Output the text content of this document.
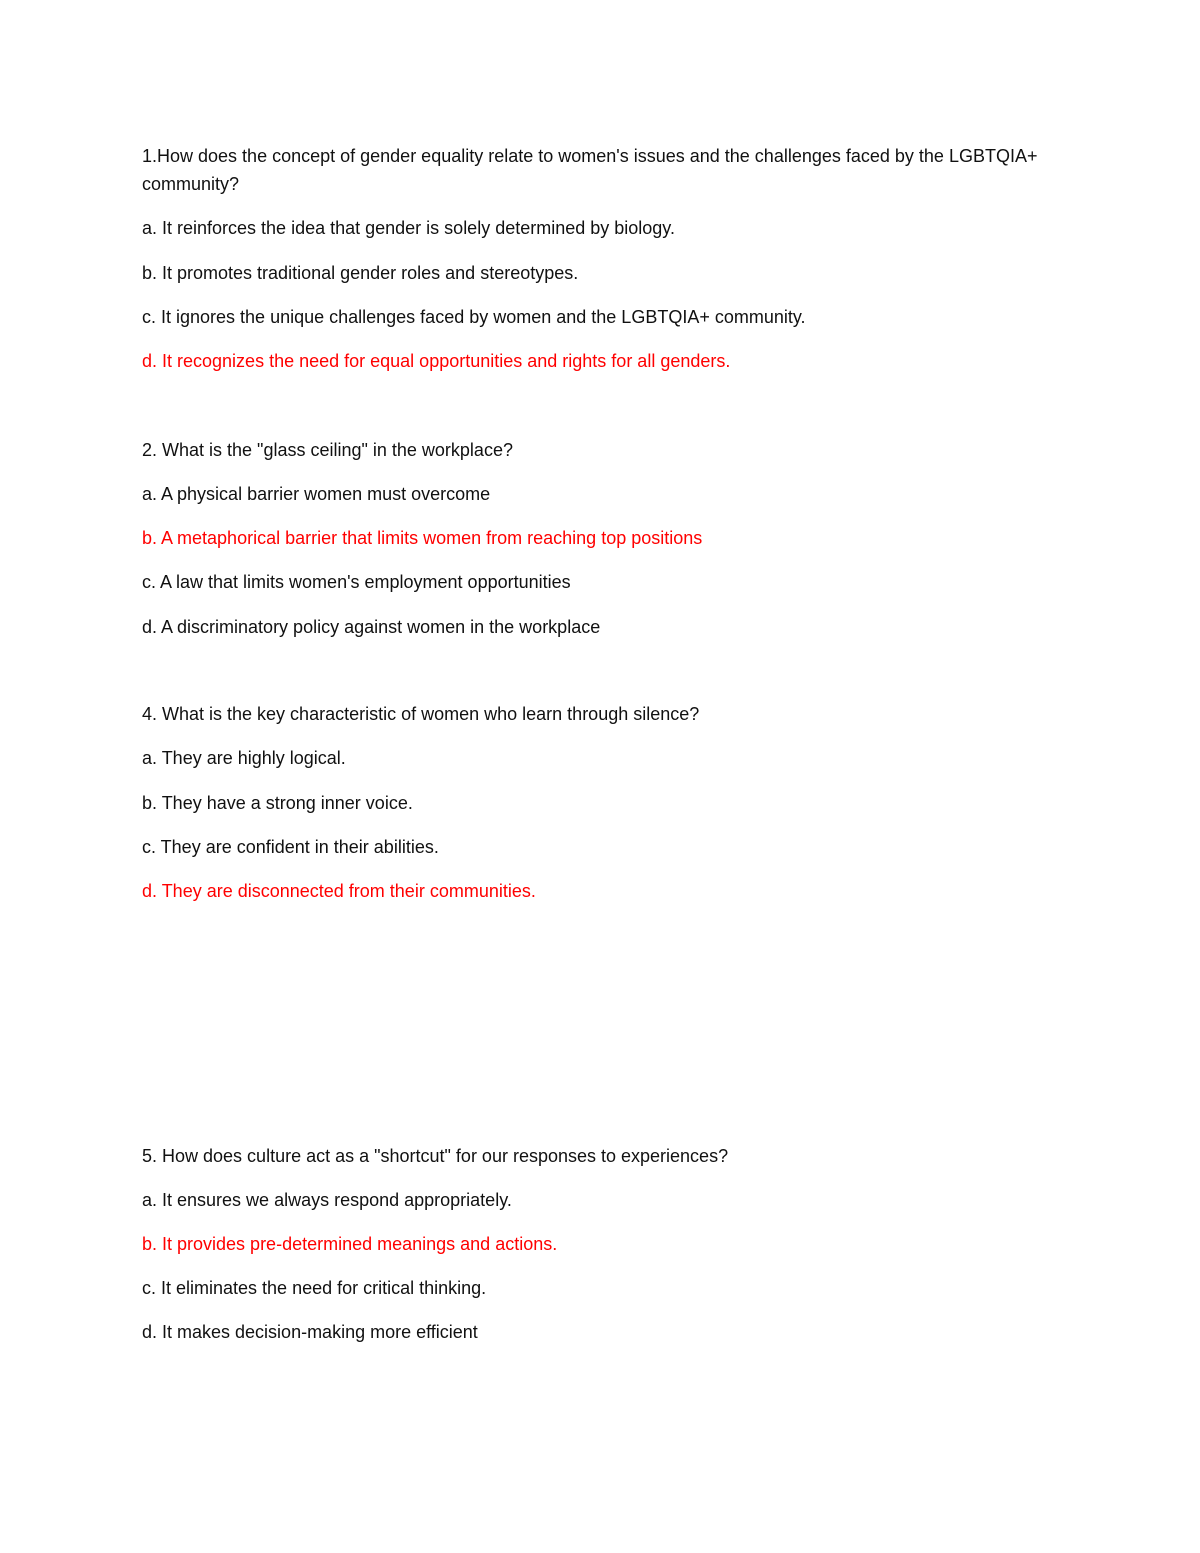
1.How does the concept of gender equality relate to women's issues and the challenges faced by the LGBTQIA+ community?
a. It reinforces the idea that gender is solely determined by biology.
b. It promotes traditional gender roles and stereotypes.
c. It ignores the unique challenges faced by women and the LGBTQIA+ community.
d. It recognizes the need for equal opportunities and rights for all genders.
2. What is the "glass ceiling" in the workplace?
a. A physical barrier women must overcome
b. A metaphorical barrier that limits women from reaching top positions
c. A law that limits women's employment opportunities
d. A discriminatory policy against women in the workplace
4. What is the key characteristic of women who learn through silence?
a. They are highly logical.
b. They have a strong inner voice.
c. They are confident in their abilities.
d. They are disconnected from their communities.
5. How does culture act as a "shortcut" for our responses to experiences?
a. It ensures we always respond appropriately.
b. It provides pre-determined meanings and actions.
c. It eliminates the need for critical thinking.
d. It makes decision-making more efficient
